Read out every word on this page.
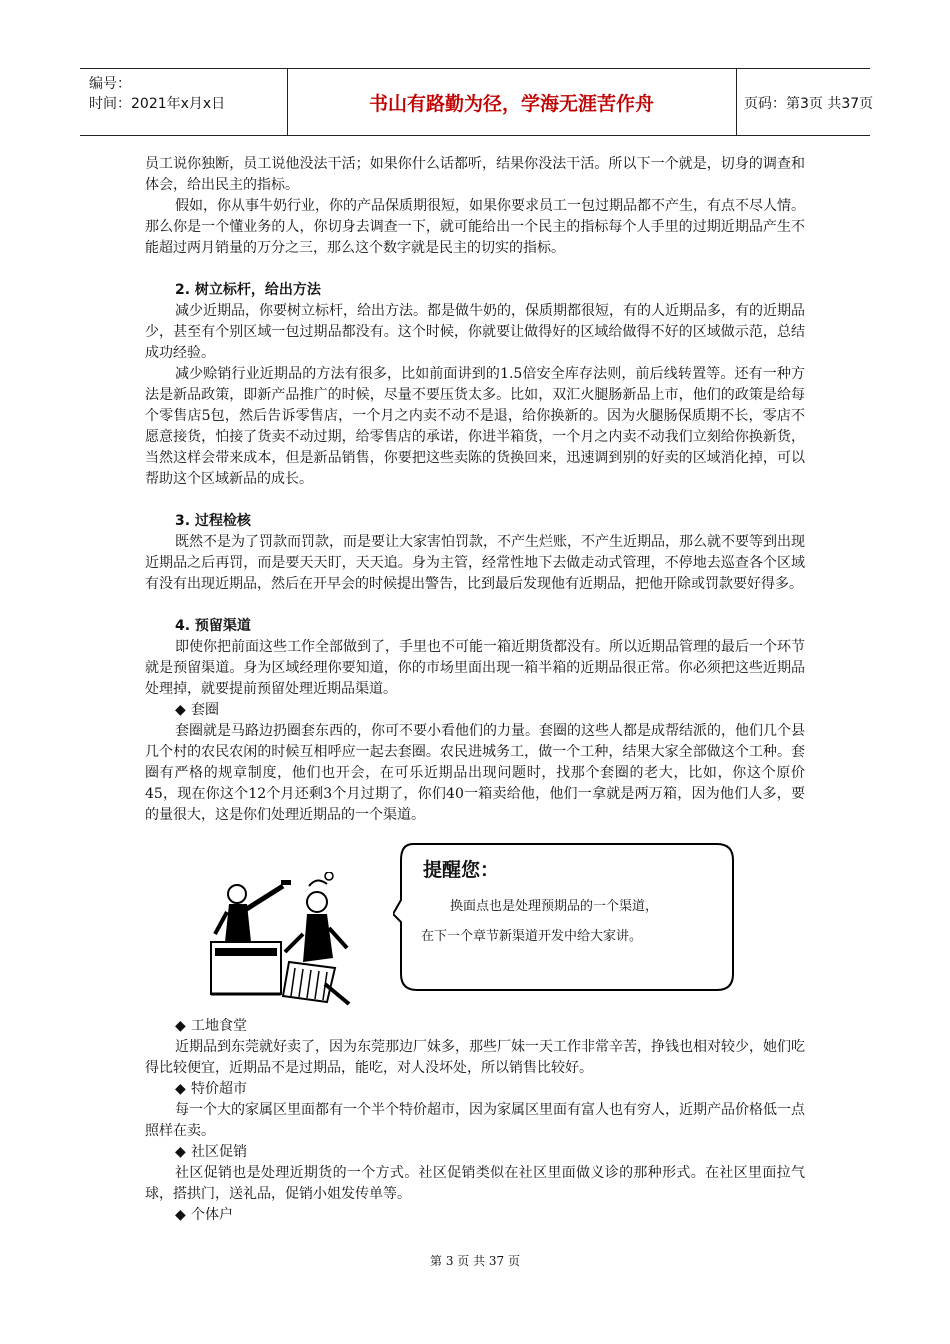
编号：
时间：2021年x月x日	书山有路勤为径，学海无涯苦作舟	页码：第3页 共37页

员工说你独断，员工说他没法干活；如果你什么话都听，结果你没法干活。所以下一个就是，切身的调查和体会，给出民主的指标。

假如，你从事牛奶行业，你的产品保质期很短，如果你要求员工一包过期品都不产生，有点不尽人情。那么你是一个懂业务的人，你切身去调查一下，就可能给出一个民主的指标每个人手里的过期近期品产生不能超过两月销量的万分之三，那么这个数字就是民主的切实的指标。

2. 树立标杆，给出方法

减少近期品，你要树立标杆，给出方法。都是做牛奶的，保质期都很短，有的人近期品多，有的近期品少，甚至有个别区域一包过期品都没有。这个时候，你就要让做得好的区域给做得不好的区域做示范，总结成功经验。

减少赊销行业近期品的方法有很多，比如前面讲到的1.5倍安全库存法则，前后线转置等。还有一种方法是新品政策，即新产品推广的时候，尽量不要压货太多。比如，双汇火腿肠新品上市，他们的政策是给每个零售店5包，然后告诉零售店，一个月之内卖不动不是退，给你换新的。因为火腿肠保质期不长，零店不愿意接货，怕接了货卖不动过期，给零售店的承诺，你进半箱货，一个月之内卖不动我们立刻给你换新货，当然这样会带来成本，但是新品销售，你要把这些卖陈的货换回来，迅速调到别的好卖的区域消化掉，可以帮助这个区域新品的成长。

3. 过程检核

既然不是为了罚款而罚款，而是要让大家害怕罚款，不产生烂账，不产生近期品，那么就不要等到出现近期品之后再罚，而是要天天盯，天天追。身为主管，经常性地下去做走动式管理，不停地去巡查各个区域有没有出现近期品，然后在开早会的时候提出警告，比到最后发现他有近期品，把他开除或罚款要好得多。

4. 预留渠道

即使你把前面这些工作全部做到了，手里也不可能一箱近期货都没有。所以近期品管理的最后一个环节就是预留渠道。身为区域经理你要知道，你的市场里面出现一箱半箱的近期品很正常。你必须把这些近期品处理掉，就要提前预留处理近期品渠道。

◆ 套圈

套圈就是马路边扔圈套东西的，你可不要小看他们的力量。套圈的这些人都是成帮结派的，他们几个县几个村的农民农闲的时候互相呼应一起去套圈。农民进城务工，做一个工种，结果大家全部做这个工种。套圈有严格的规章制度，他们也开会，在可乐近期品出现问题时，找那个套圈的老大，比如，你这个原价45，现在你这个12个月还剩3个月过期了，你们40一箱卖给他，他们一拿就是两万箱，因为他们人多，要的量很大，这是你们处理近期品的一个渠道。

提醒您：
换面点也是处理预期品的一个渠道，
在下一个章节新渠道开发中给大家讲。
◆ 工地食堂

近期品到东莞就好卖了，因为东莞那边厂妹多，那些厂妹一天工作非常辛苦，挣钱也相对较少，她们吃得比较便宜，近期品不是过期品，能吃，对人没坏处，所以销售比较好。

◆ 特价超市

每一个大的家属区里面都有一个半个特价超市，因为家属区里面有富人也有穷人，近期产品价格低一点照样在卖。

◆ 社区促销

社区促销也是处理近期货的一个方式。社区促销类似在社区里面做义诊的那种形式。在社区里面拉气球，搭拱门，送礼品，促销小姐发传单等。

◆ 个体户
第 3 页 共 37 页
